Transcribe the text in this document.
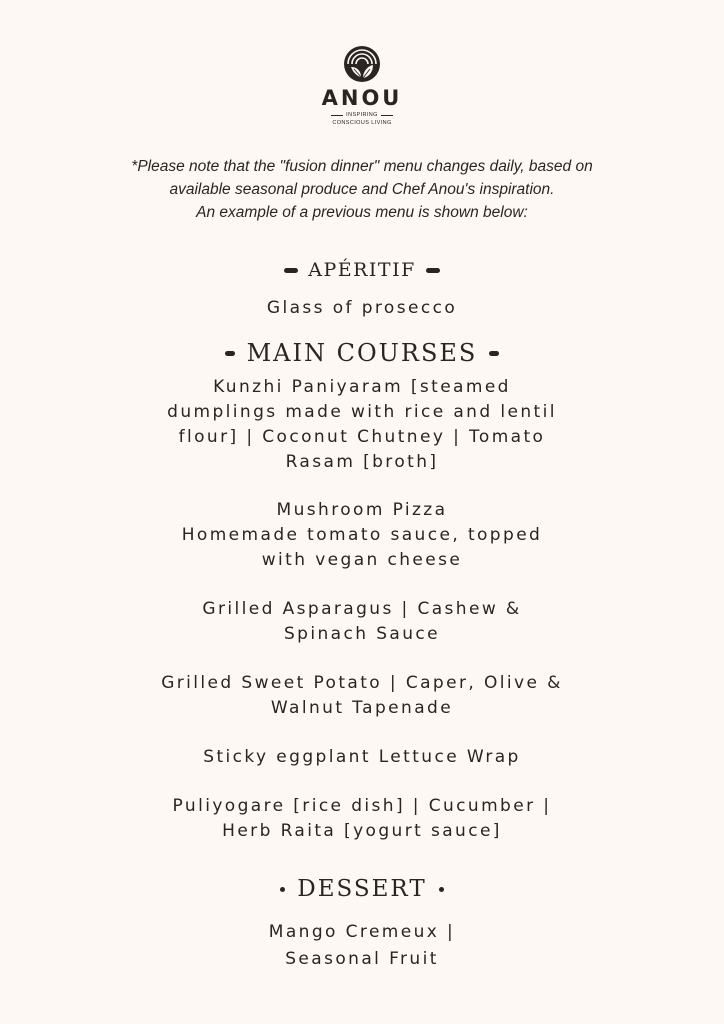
ANOU
INSPIRING
CONSCIOUS LIVING
*Please note that the "fusion dinner" menu changes daily, based on
available seasonal produce and Chef Anou's inspiration.
An example of a previous menu is shown below:
APÉRITIF
Glass of prosecco
MAIN COURSES
Kunzhi Paniyaram [steamed
dumplings made with rice and lentil
flour] | Coconut Chutney | Tomato
Rasam [broth]
Mushroom Pizza
Homemade tomato sauce, topped
with vegan cheese
Grilled Asparagus | Cashew &
Spinach Sauce
Grilled Sweet Potato | Caper, Olive &
Walnut Tapenade
Sticky eggplant Lettuce Wrap
Puliyogare [rice dish] | Cucumber |
Herb Raita [yogurt sauce]
DESSERT
Mango Cremeux |
Seasonal Fruit
